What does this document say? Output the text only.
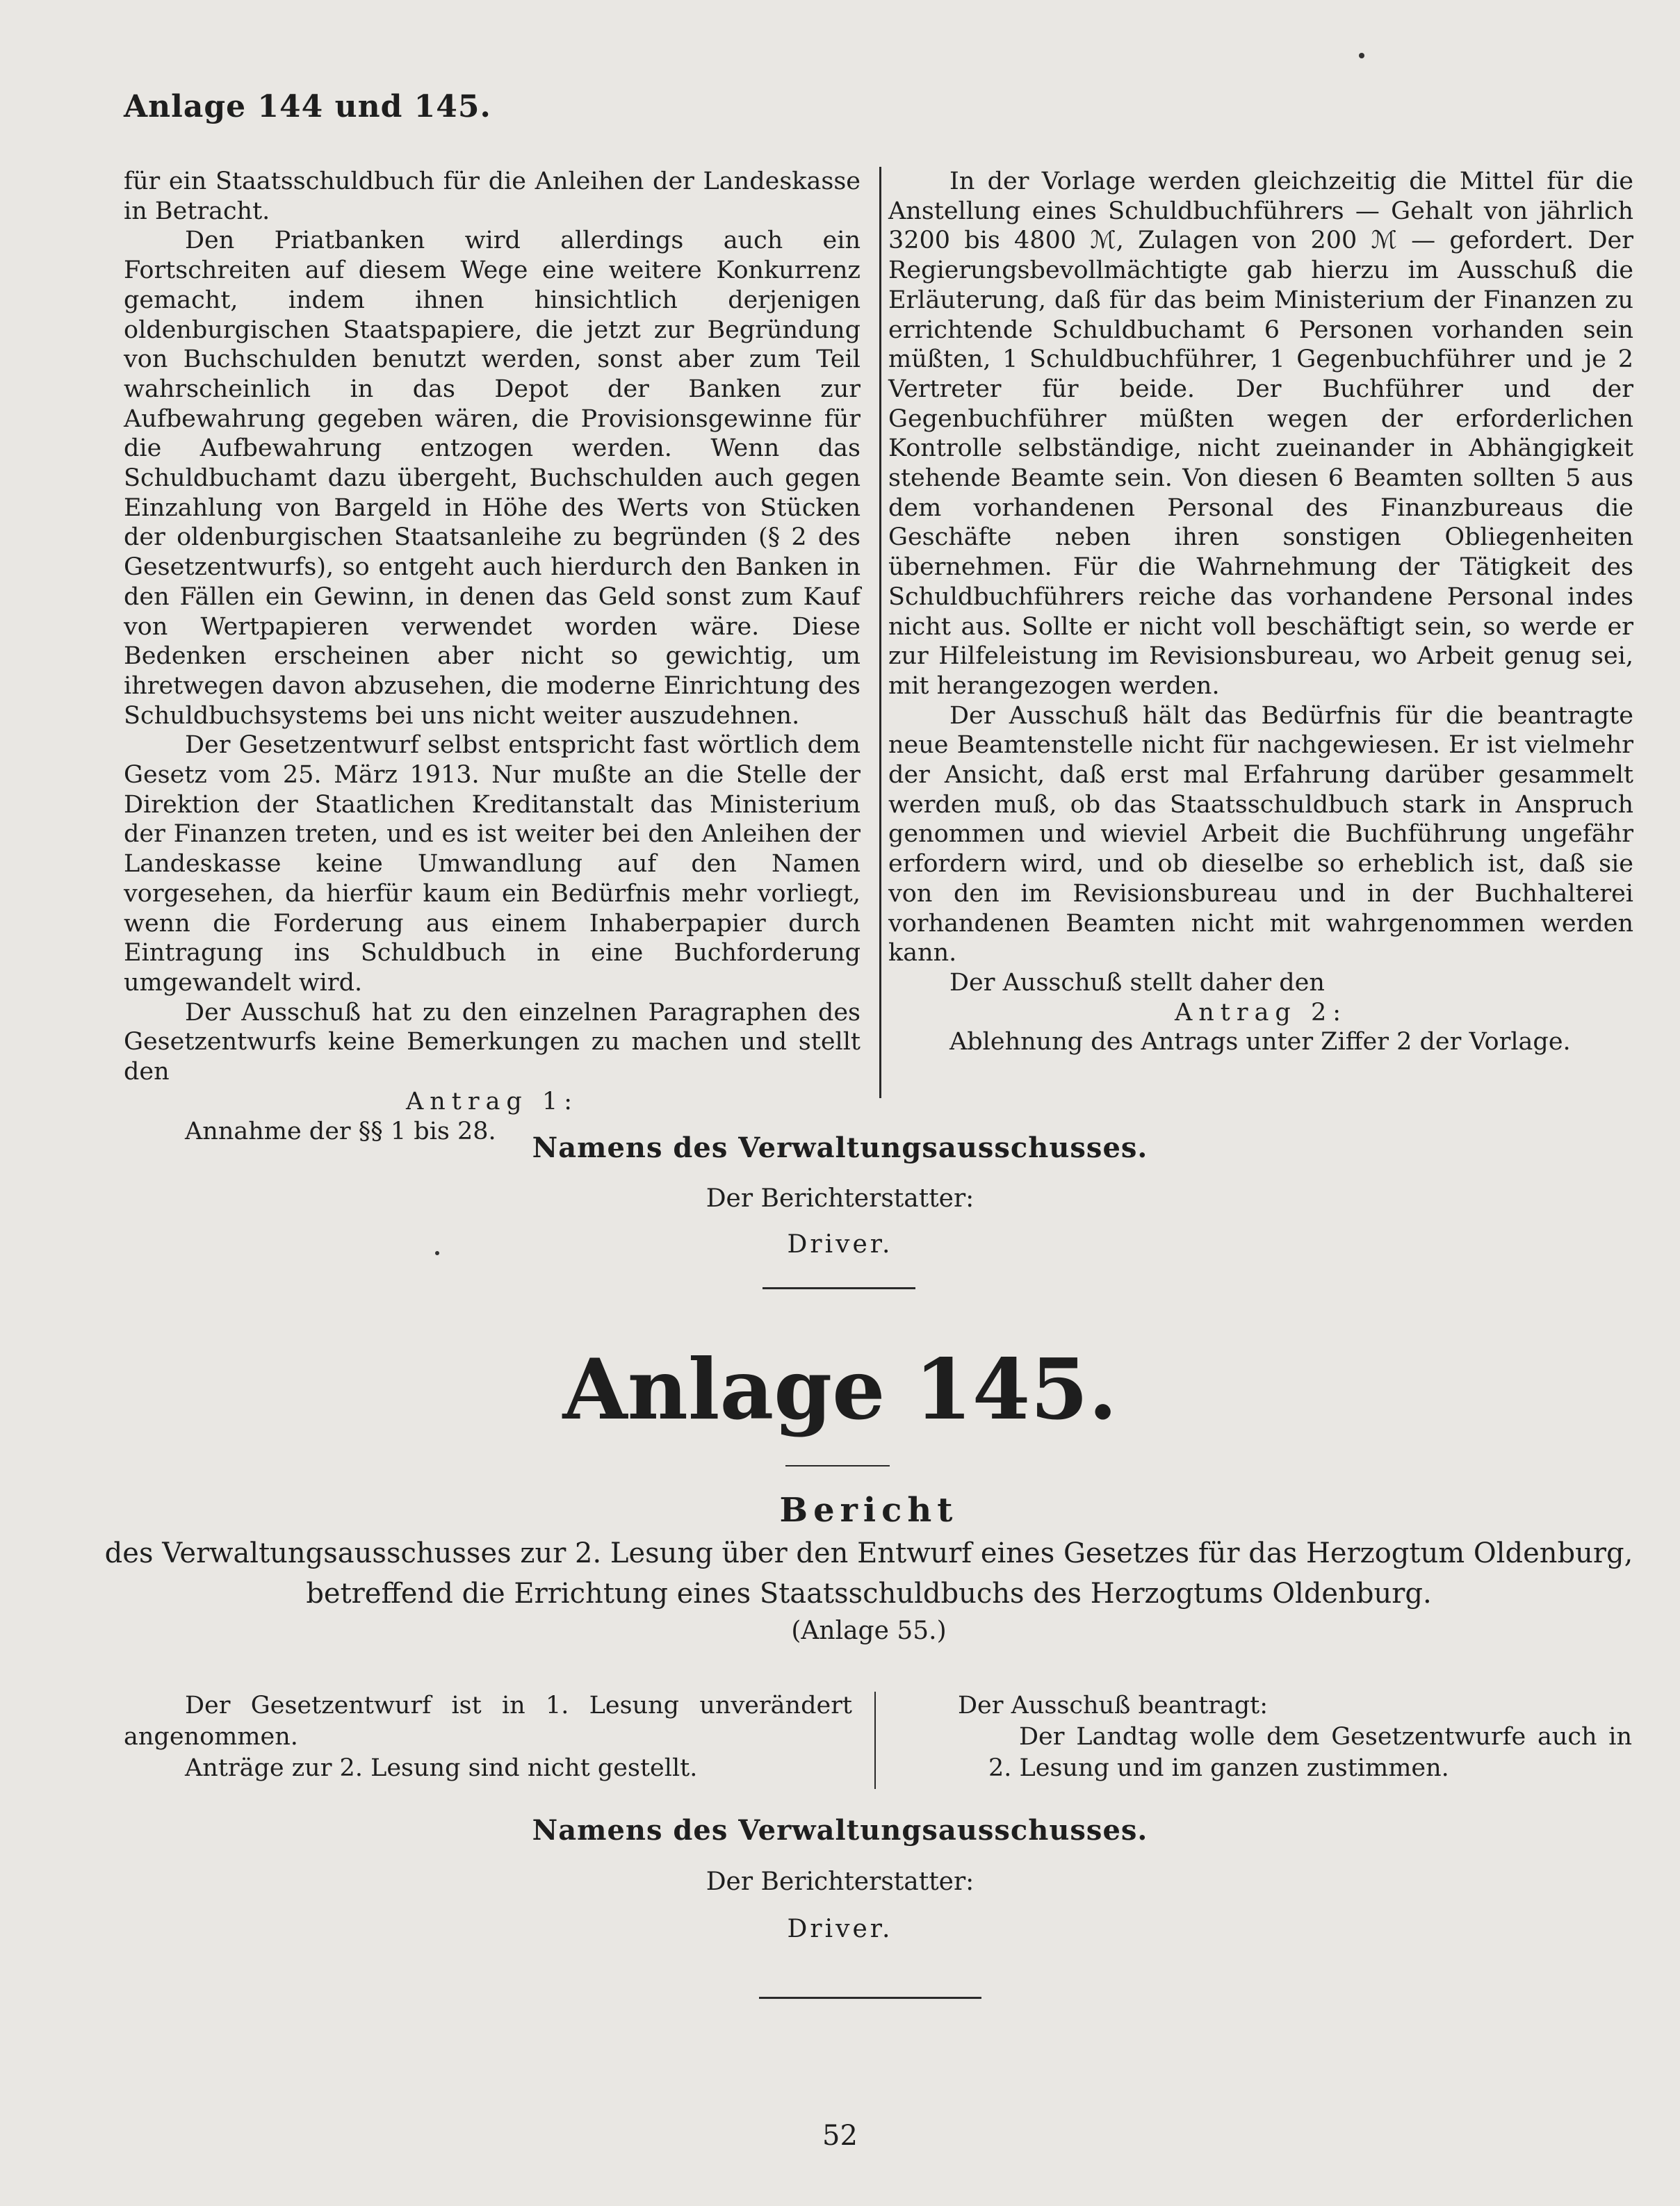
Anlage 144 und 145.

für ein Staatsschuldbuch für die Anleihen der Landeskasse in Betracht.

Den Priatbanken wird allerdings auch ein Fortschreiten auf diesem Wege eine weitere Konkurrenz gemacht, indem ihnen hinsichtlich derjenigen oldenburgischen Staatspapiere, die jetzt zur Begründung von Buchschulden benutzt werden, sonst aber zum Teil wahrscheinlich in das Depot der Banken zur Aufbewahrung gegeben wären, die Provisionsgewinne für die Aufbewahrung entzogen werden. Wenn das Schuldbuchamt dazu übergeht, Buchschulden auch gegen Einzahlung von Bargeld in Höhe des Werts von Stücken der oldenburgischen Staatsanleihe zu begründen (§ 2 des Gesetzentwurfs), so entgeht auch hierdurch den Banken in den Fällen ein Gewinn, in denen das Geld sonst zum Kauf von Wertpapieren verwendet worden wäre. Diese Bedenken erscheinen aber nicht so gewichtig, um ihretwegen davon abzusehen, die moderne Einrichtung des Schuldbuchsystems bei uns nicht weiter auszudehnen.

Der Gesetzentwurf selbst entspricht fast wörtlich dem Gesetz vom 25. März 1913. Nur mußte an die Stelle der Direktion der Staatlichen Kreditanstalt das Ministerium der Finanzen treten, und es ist weiter bei den Anleihen der Landeskasse keine Umwandlung auf den Namen vorgesehen, da hierfür kaum ein Bedürfnis mehr vorliegt, wenn die Forderung aus einem Inhaberpapier durch Eintragung ins Schuldbuch in eine Buchforderung umgewandelt wird.

Der Ausschuß hat zu den einzelnen Paragraphen des Gesetzentwurfs keine Bemerkungen zu machen und stellt den

Antrag 1:

Annahme der §§ 1 bis 28.

In der Vorlage werden gleichzeitig die Mittel für die Anstellung eines Schuldbuchführers — Gehalt von jährlich 3200 bis 4800 ℳ, Zulagen von 200 ℳ — gefordert. Der Regierungsbevollmächtigte gab hierzu im Ausschuß die Erläuterung, daß für das beim Ministerium der Finanzen zu errichtende Schuldbuchamt 6 Personen vorhanden sein müßten, 1 Schuldbuchführer, 1 Gegenbuchführer und je 2 Vertreter für beide. Der Buchführer und der Gegenbuchführer müßten wegen der erforderlichen Kontrolle selbständige, nicht zueinander in Abhängigkeit stehende Beamte sein. Von diesen 6 Beamten sollten 5 aus dem vorhandenen Personal des Finanzbureaus die Geschäfte neben ihren sonstigen Obliegenheiten übernehmen. Für die Wahrnehmung der Tätigkeit des Schuldbuchführers reiche das vorhandene Personal indes nicht aus. Sollte er nicht voll beschäftigt sein, so werde er zur Hilfeleistung im Revisionsbureau, wo Arbeit genug sei, mit herangezogen werden.

Der Ausschuß hält das Bedürfnis für die beantragte neue Beamtenstelle nicht für nachgewiesen. Er ist vielmehr der Ansicht, daß erst mal Erfahrung darüber gesammelt werden muß, ob das Staatsschuldbuch stark in Anspruch genommen und wieviel Arbeit die Buchführung ungefähr erfordern wird, und ob dieselbe so erheblich ist, daß sie von den im Revisionsbureau und in der Buchhalterei vorhandenen Beamten nicht mit wahrgenommen werden kann.

Der Ausschuß stellt daher den

Antrag 2:

Ablehnung des Antrags unter Ziffer 2 der Vorlage.

Namens des Verwaltungsausschusses.
Der Berichterstatter:
Driver.
Anlage 145.
Bericht
des Verwaltungsausschusses zur 2. Lesung über den Entwurf eines Gesetzes für das Herzogtum Oldenburg,
betreffend die Errichtung eines Staatsschuldbuchs des Herzogtums Oldenburg.
(Anlage 55.)

Der Gesetzentwurf ist in 1. Lesung unverändert angenommen.

Anträge zur 2. Lesung sind nicht gestellt.

Der Ausschuß beantragt:

Der Landtag wolle dem Gesetzentwurfe auch in 2. Lesung und im ganzen zustimmen.

Namens des Verwaltungsausschusses.
Der Berichterstatter:
Driver.
52
